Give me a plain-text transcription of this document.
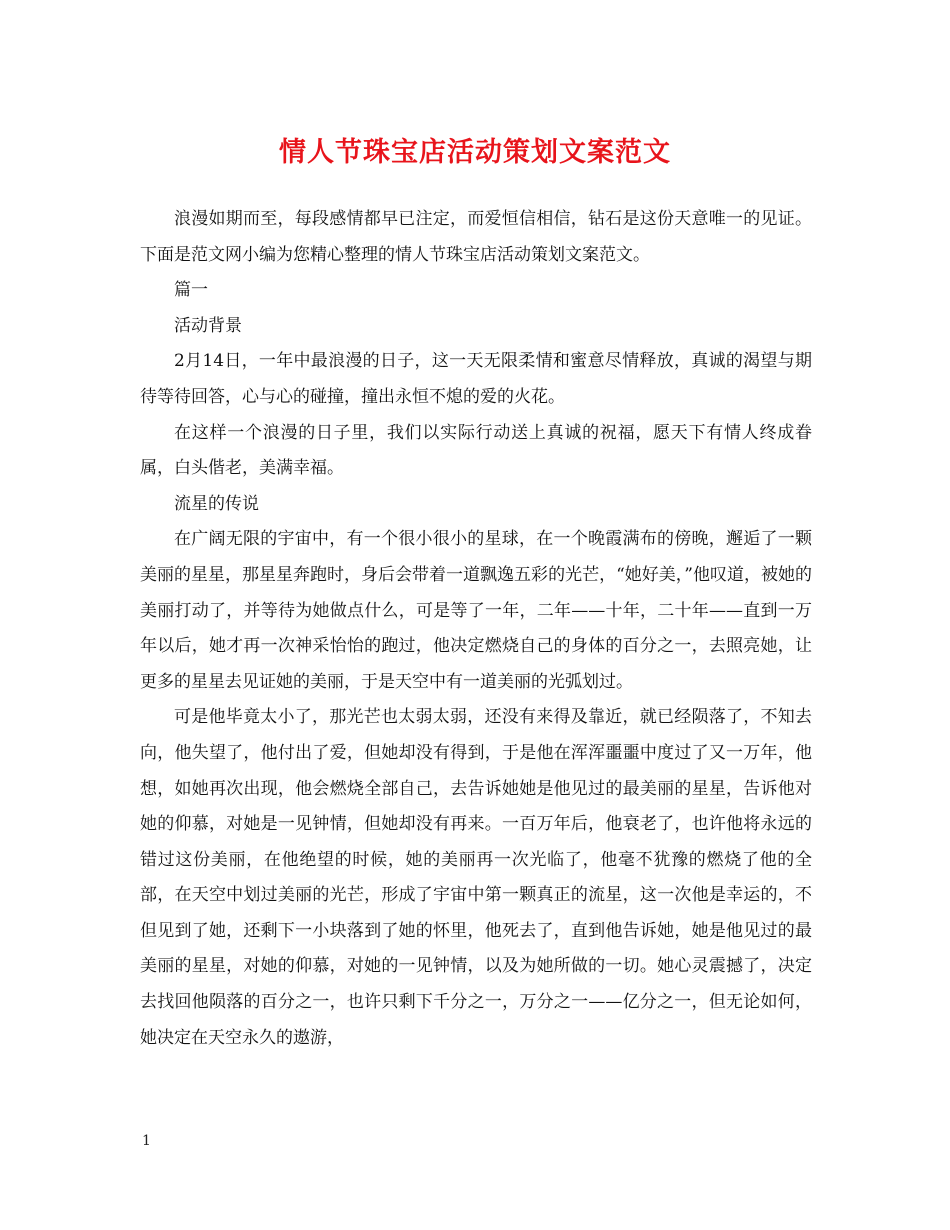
情人节珠宝店活动策划文案范文

浪漫如期而至，每段感情都早已注定，而爱恒信相信，钻石是这份天意唯一的见证。下面是范文网小编为您精心整理的情人节珠宝店活动策划文案范文。

篇一

活动背景

2月14日，一年中最浪漫的日子，这一天无限柔情和蜜意尽情释放，真诚的渴望与期待等待回答，心与心的碰撞，撞出永恒不熄的爱的火花。

在这样一个浪漫的日子里，我们以实际行动送上真诚的祝福，愿天下有情人终成眷属，白头偕老，美满幸福。

流星的传说

在广阔无限的宇宙中，有一个很小很小的星球，在一个晚霞满布的傍晚，邂逅了一颗美丽的星星，那星星奔跑时，身后会带着一道飘逸五彩的光芒，“她好美，”他叹道，被她的美丽打动了，并等待为她做点什么，可是等了一年，二年——十年，二十年——直到一万年以后，她才再一次神采怡怡的跑过，他决定燃烧自己的身体的百分之一，去照亮她，让更多的星星去见证她的美丽，于是天空中有一道美丽的光弧划过。

可是他毕竟太小了，那光芒也太弱太弱，还没有来得及靠近，就已经陨落了，不知去向，他失望了，他付出了爱，但她却没有得到，于是他在浑浑噩噩中度过了又一万年，他想，如她再次出现，他会燃烧全部自己，去告诉她她是他见过的最美丽的星星，告诉他对她的仰慕，对她是一见钟情，但她却没有再来。一百万年后，他衰老了，也许他将永远的错过这份美丽，在他绝望的时候，她的美丽再一次光临了，他毫不犹豫的燃烧了他的全部，在天空中划过美丽的光芒，形成了宇宙中第一颗真正的流星，这一次他是幸运的，不但见到了她，还剩下一小块落到了她的怀里，他死去了，直到他告诉她，她是他见过的最美丽的星星，对她的仰慕，对她的一见钟情，以及为她所做的一切。她心灵震撼了，决定去找回他陨落的百分之一，也许只剩下千分之一，万分之一——亿分之一，但无论如何，她决定在天空永久的遨游，

1
